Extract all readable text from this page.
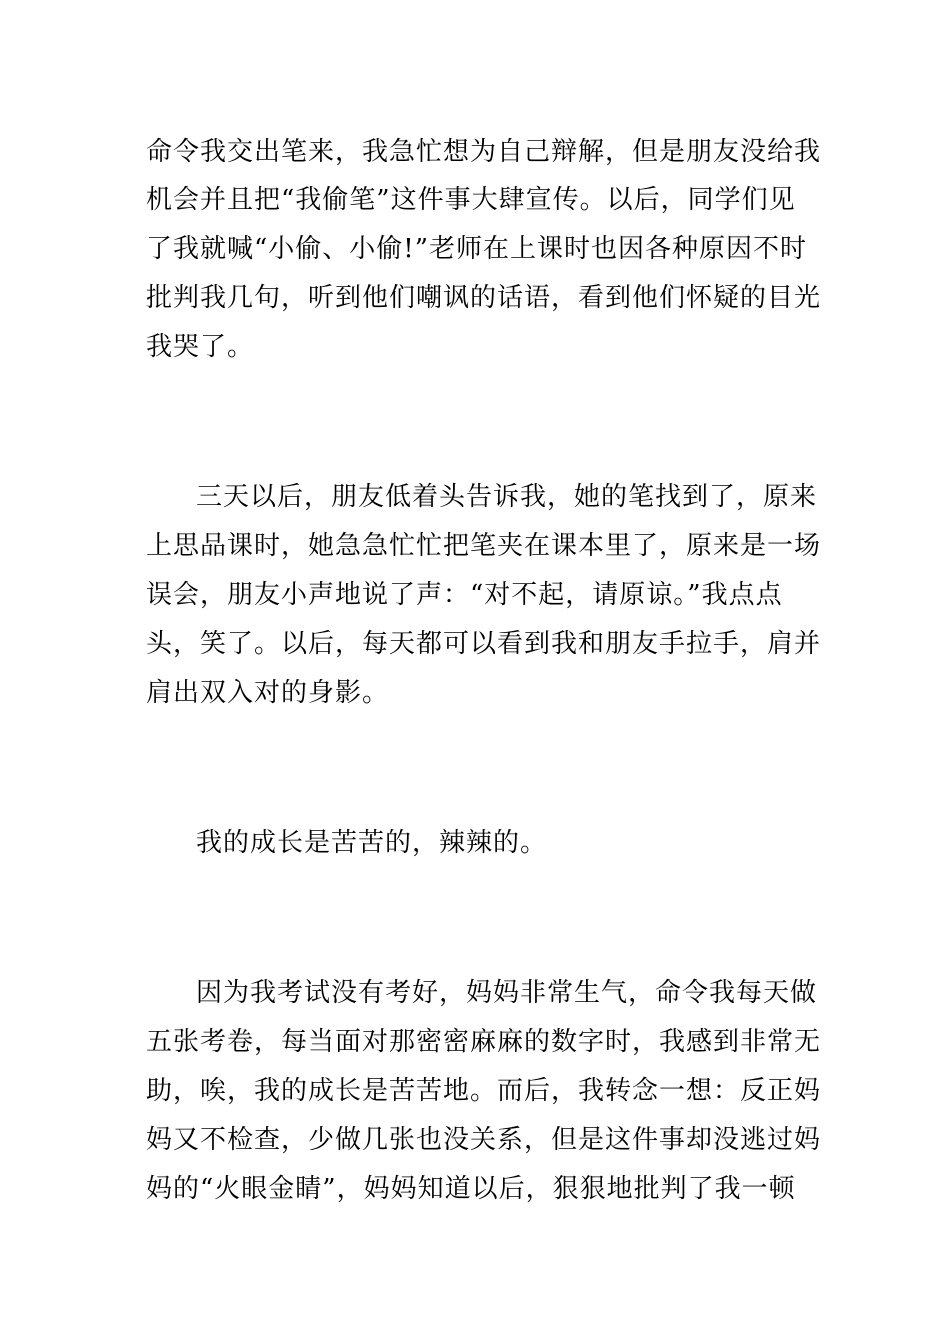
命令我交出笔来，我急忙想为自己辩解，但是朋友没给我
机会并且把“我偷笔”这件事大肆宣传。以后，同学们见
了我就喊“小偷、小偷!”老师在上课时也因各种原因不时
批判我几句，听到他们嘲讽的话语，看到他们怀疑的目光
我哭了。
三天以后，朋友低着头告诉我，她的笔找到了，原来
上思品课时，她急急忙忙把笔夹在课本里了，原来是一场
误会，朋友小声地说了声：“对不起，请原谅。”我点点
头，笑了。以后，每天都可以看到我和朋友手拉手，肩并
肩出双入对的身影。
我的成长是苦苦的，辣辣的。
因为我考试没有考好，妈妈非常生气，命令我每天做
五张考卷，每当面对那密密麻麻的数字时，我感到非常无
助，唉，我的成长是苦苦地。而后，我转念一想：反正妈
妈又不检查，少做几张也没关系，但是这件事却没逃过妈
妈的“火眼金睛”，妈妈知道以后，狠狠地批判了我一顿
